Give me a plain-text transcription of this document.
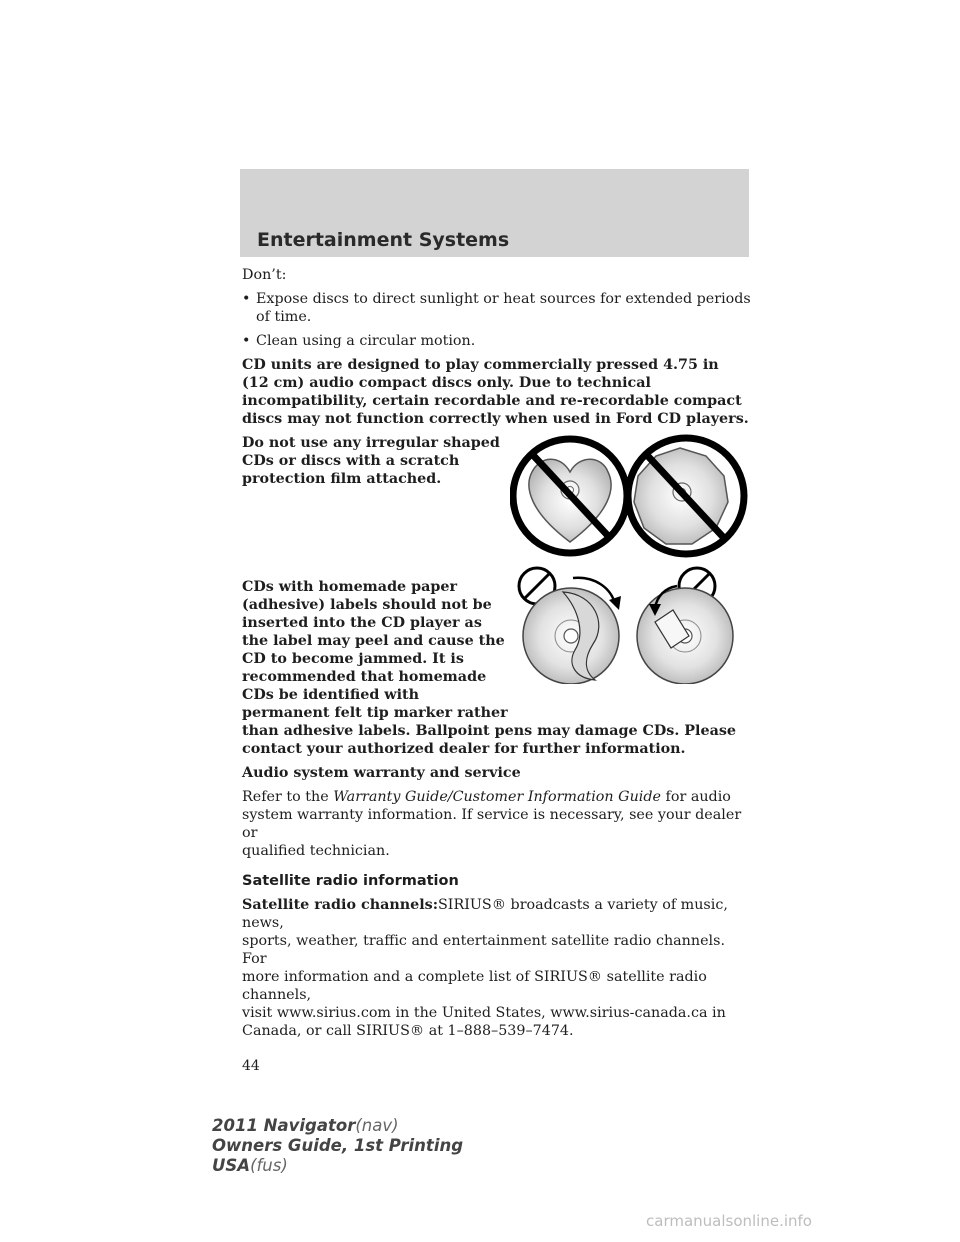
Entertainment Systems

Don’t:

• Expose discs to direct sunlight or heat sources for extended periods
of time.
• Clean using a circular motion.
CD units are designed to play commercially pressed 4.75 in
(12 cm) audio compact discs only. Due to technical
incompatibility, certain recordable and re-recordable compact
discs may not function correctly when used in Ford CD players.
Do not use any irregular shaped
CDs or discs with a scratch
protection film attached.
CDs with homemade paper
(adhesive) labels should not be
inserted into the CD player as
the label may peel and cause the
CD to become jammed. It is
recommended that homemade
CDs be identified with
permanent felt tip marker rather
than adhesive labels. Ballpoint pens may damage CDs. Please
contact your authorized dealer for further information.

Audio system warranty and service

Refer to the Warranty Guide/Customer Information Guide for audio
system warranty information. If service is necessary, see your dealer or
qualified technician.

Satellite radio information

Satellite radio channels:SIRIUS® broadcasts a variety of music, news,
sports, weather, traffic and entertainment satellite radio channels. For
more information and a complete list of SIRIUS® satellite radio channels,
visit www.sirius.com in the United States, www.sirius-canada.ca in
Canada, or call SIRIUS® at 1–888–539–7474.
44
2011 Navigator(nav)
Owners Guide, 1st Printing
USA(fus)
carmanualsonline.info
